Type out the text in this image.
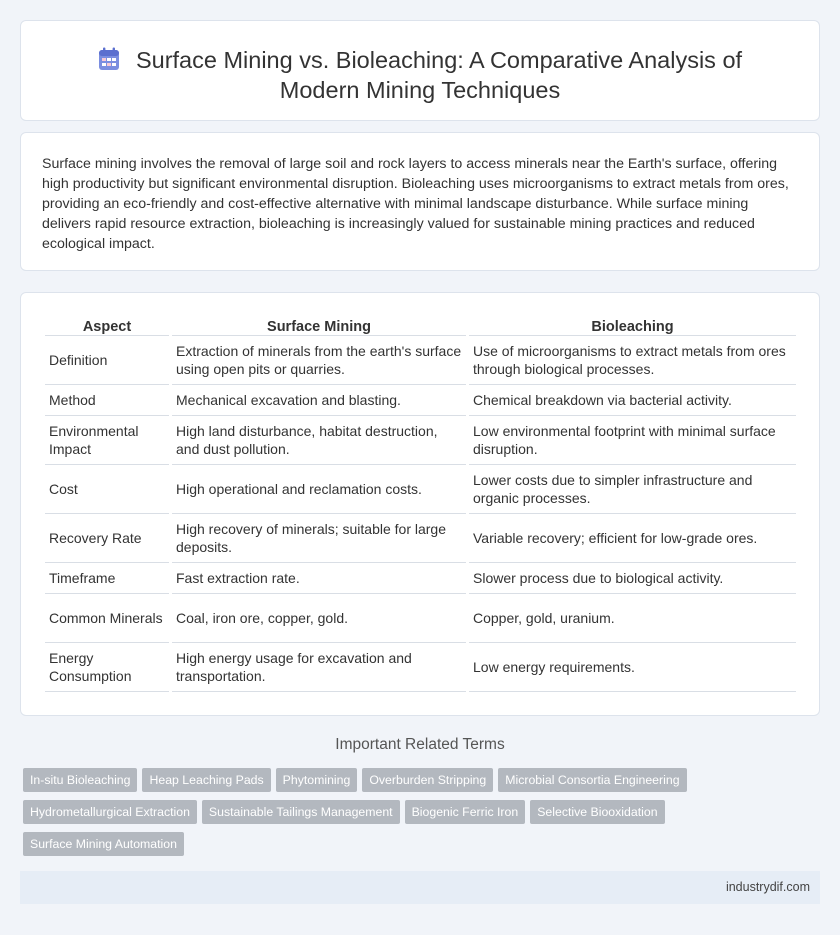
Surface Mining vs. Bioleaching: A Comparative Analysis of
Modern Mining Techniques

Surface mining involves the removal of large soil and rock layers to access minerals near the Earth's surface, offering high productivity but significant environmental disruption. Bioleaching uses microorganisms to extract metals from ores, providing an eco-friendly and cost-effective alternative with minimal landscape disturbance. While surface mining delivers rapid resource extraction, bioleaching is increasingly valued for sustainable mining practices and reduced ecological impact.

Aspect	Surface Mining	Bioleaching
Definition	Extraction of minerals from the earth's surface using open pits or quarries.	Use of microorganisms to extract metals from ores through biological processes.
Method	Mechanical excavation and blasting.	Chemical breakdown via bacterial activity.
Environmental Impact	High land disturbance, habitat destruction, and dust pollution.	Low environmental footprint with minimal surface disruption.
Cost	High operational and reclamation costs.	Lower costs due to simpler infrastructure and organic processes.
Recovery Rate	High recovery of minerals; suitable for large deposits.	Variable recovery; efficient for low-grade ores.
Timeframe	Fast extraction rate.	Slower process due to biological activity.
Common Minerals	Coal, iron ore, copper, gold.	Copper, gold, uranium.
Energy Consumption	High energy usage for excavation and transportation.	Low energy requirements.
Important Related Terms
In-situ Bioleaching Heap Leaching Pads Phytomining Overburden Stripping Microbial Consortia Engineering
Hydrometallurgical Extraction Sustainable Tailings Management Biogenic Ferric Iron Selective Biooxidation
Surface Mining Automation
industrydif.com
